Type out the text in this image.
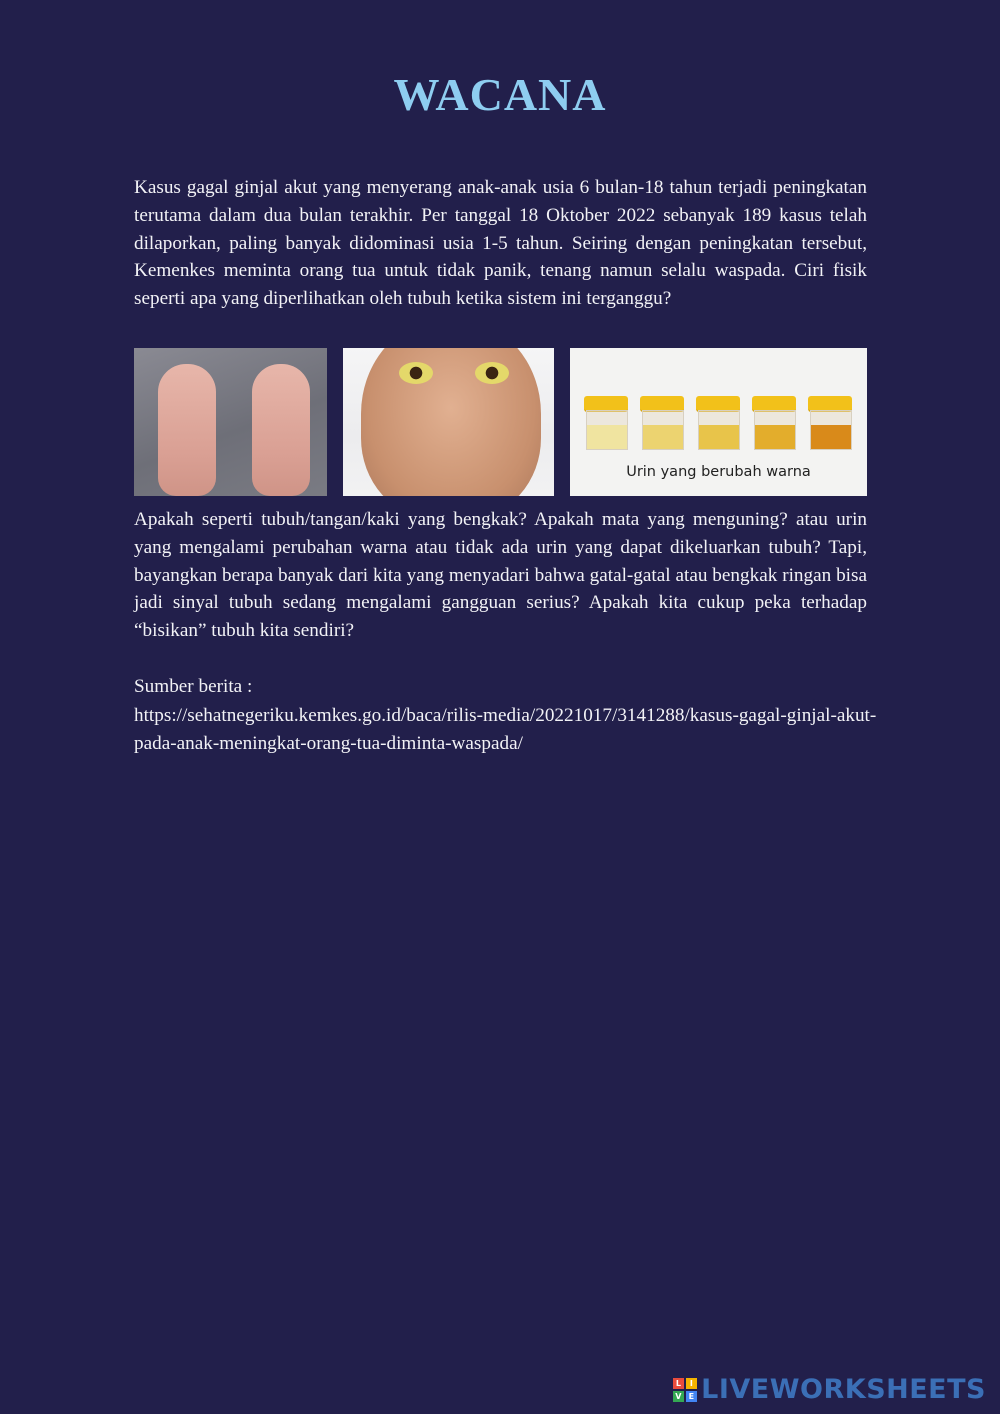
WACANA
Kasus gagal ginjal akut yang menyerang anak-anak usia 6 bulan-18 tahun terjadi peningkatan terutama dalam dua bulan terakhir. Per tanggal 18 Oktober 2022 sebanyak 189 kasus telah dilaporkan, paling banyak didominasi usia 1-5 tahun. Seiring dengan peningkatan tersebut, Kemenkes meminta orang tua untuk tidak panik, tenang namun selalu waspada. Ciri fisik seperti apa yang diperlihatkan oleh tubuh ketika sistem ini terganggu?
Urin yang berubah warna
Apakah seperti tubuh/tangan/kaki yang bengkak? Apakah mata yang menguning? atau urin yang mengalami perubahan warna atau tidak ada urin yang dapat dikeluarkan tubuh? Tapi, bayangkan berapa banyak dari kita yang menyadari bahwa gatal-gatal atau bengkak ringan bisa jadi sinyal tubuh sedang mengalami gangguan serius? Apakah kita cukup peka terhadap “bisikan” tubuh kita sendiri?
Sumber berita :
https://sehatnegeriku.kemkes.go.id/baca/rilis-media/20221017/3141288/kasus-gagal-ginjal-akut-pada-anak-meningkat-orang-tua-diminta-waspada/
L	I
V E LIVEWORKSHEETS
